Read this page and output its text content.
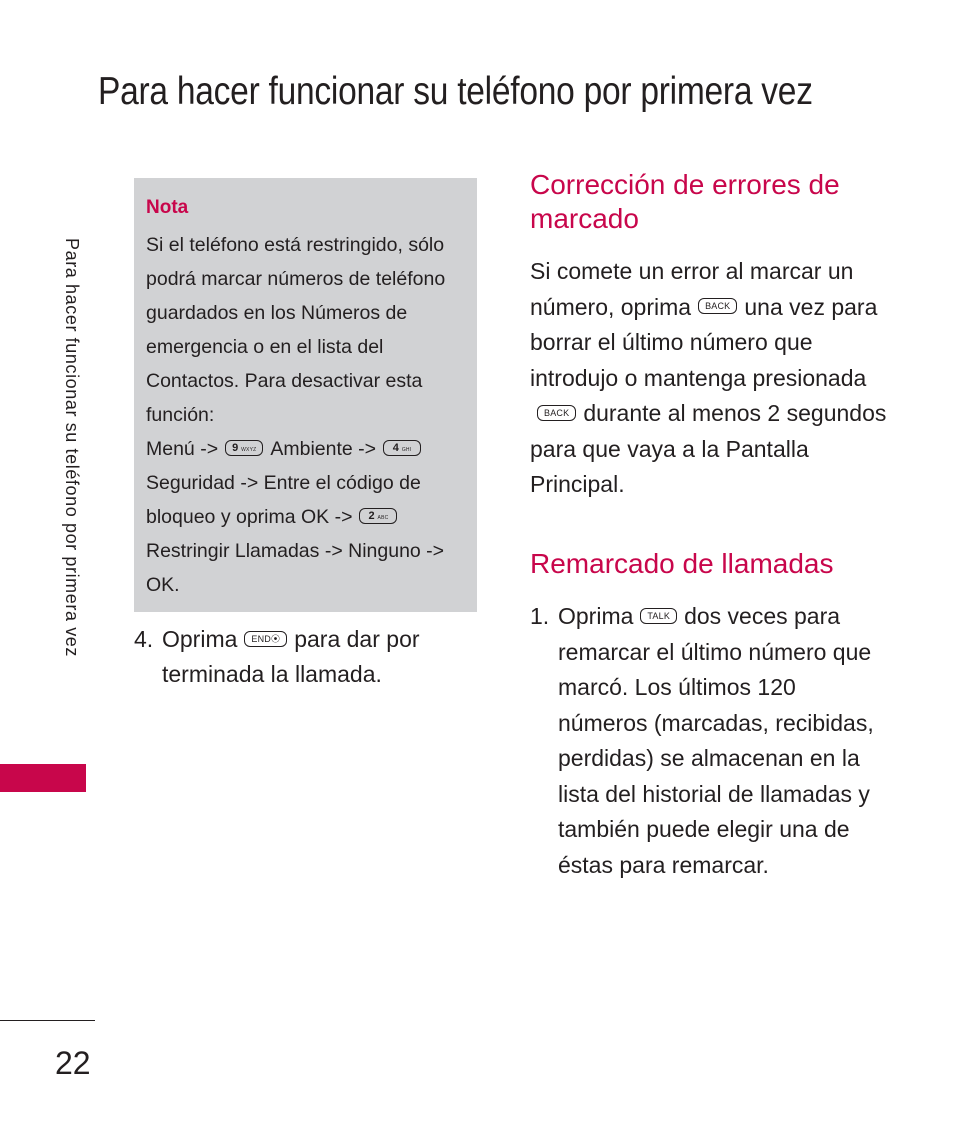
Para hacer funcionar su teléfono por primera vez
Para hacer funcionar su teléfono por primera vez
Nota
Si el teléfono está restringido, sólo podrá marcar números de teléfono guardados en los Números de emergencia o en el lista del Contactos. Para desactivar esta función:
Menú -> 9 WXYZ Ambiente -> 4 GHI Seguridad -> Entre el código de bloqueo y oprima OK -> 2 ABC Restringir Llamadas -> Ninguno -> OK.
4. Oprima END⦿ para dar por terminada la llamada.
Corrección de errores de marcado
Si comete un error al marcar un número, oprima BACK una vez para borrar el último número que introdujo o mantenga presionadaBACK durante al menos 2 segundos para que vaya a la Pantalla Principal.
Remarcado de llamadas
1. Oprima TALK dos veces para remarcar el último número que marcó. Los últimos 120 números (marcadas, recibidas, perdidas) se almacenan en la lista del historial de llamadas y también puede elegir una de éstas para remarcar.
22
